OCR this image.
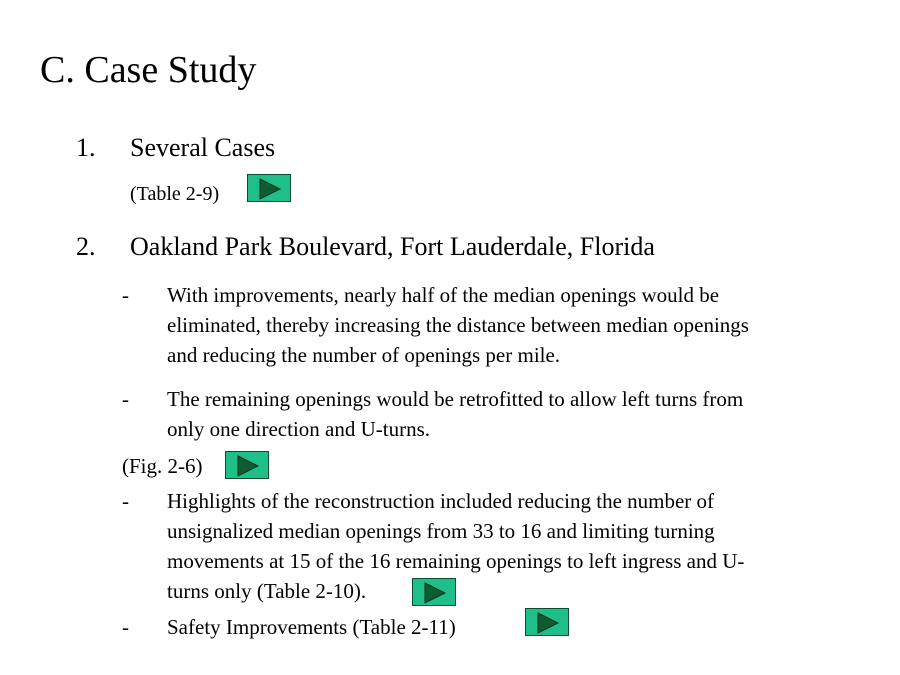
C. Case Study
1. Several Cases
(Table 2-9)
2. Oakland Park Boulevard, Fort Lauderdale, Florida
- With improvements, nearly half of the median openings would be
eliminated, thereby increasing the distance between median openings
and reducing the number of openings per mile.
- The remaining openings would be retrofitted to allow left turns from
only one direction and U-turns.
(Fig. 2-6)
- Highlights of the reconstruction included reducing the number of
unsignalized median openings from 33 to 16 and limiting turning
movements at 15 of the 16 remaining openings to left ingress and U-
turns only (Table 2-10).
- Safety Improvements (Table 2-11)
